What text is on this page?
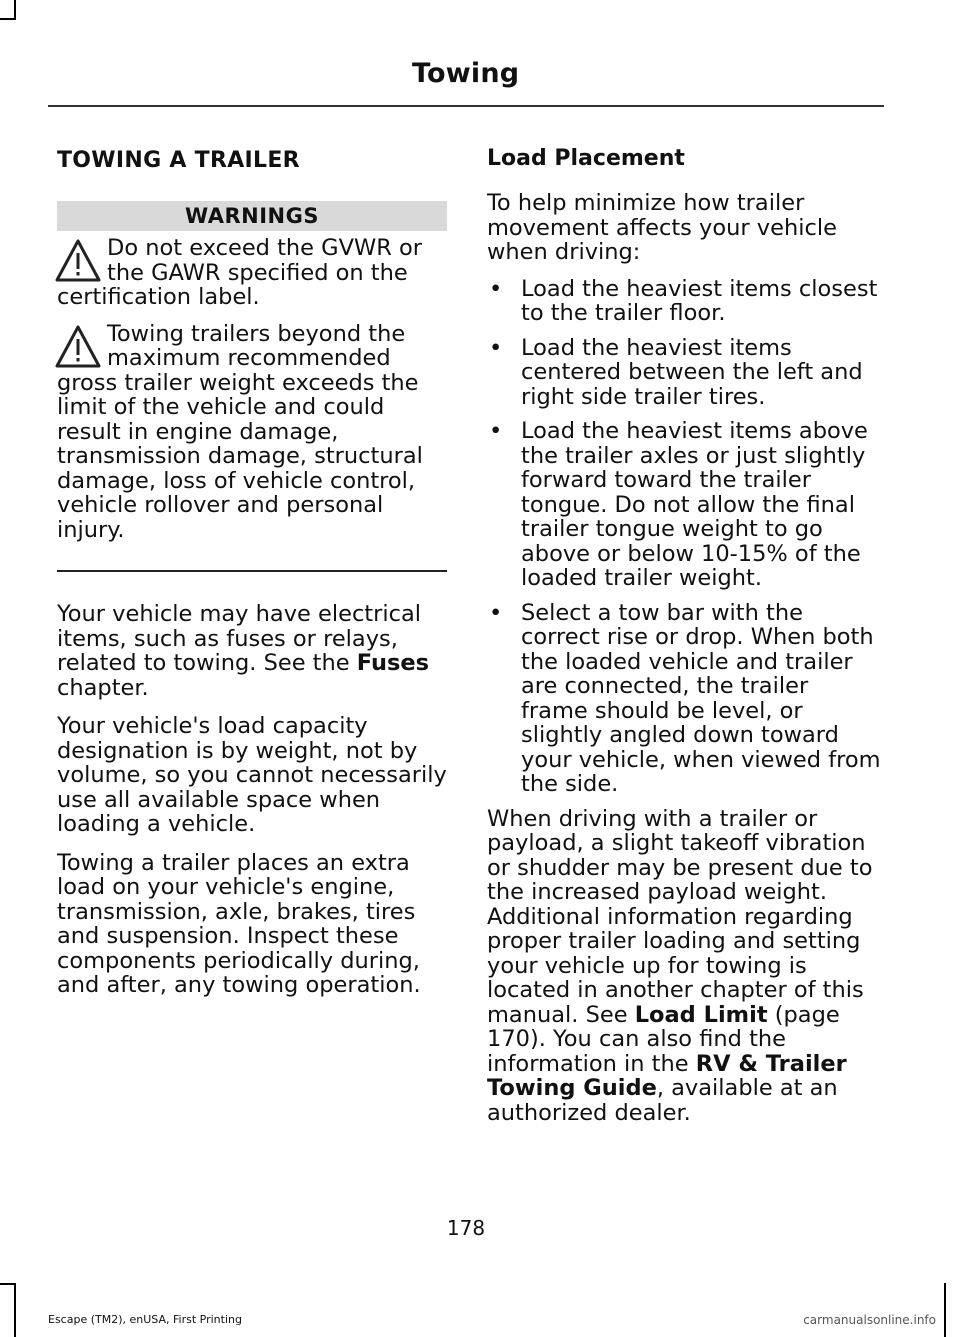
Towing
TOWING A TRAILER
WARNINGS
Do not exceed the GVWR or the GAWR specified on the certification label.
Towing trailers beyond the maximum recommended gross trailer weight exceeds the limit of the vehicle and could result in engine damage, transmission damage, structural damage, loss of vehicle control, vehicle rollover and personal injury.

Your vehicle may have electrical items, such as fuses or relays, related to towing. See the Fuses chapter.

Your vehicle's load capacity designation is by weight, not by volume, so you cannot necessarily use all available space when loading a vehicle.

Towing a trailer places an extra load on your vehicle's engine, transmission, axle, brakes, tires and suspension. Inspect these components periodically during, and after, any towing operation.

Load Placement

To help minimize how trailer movement affects your vehicle when driving:

• Load the heaviest items closest to the trailer floor.
• Load the heaviest items centered between the left and right side trailer tires.
• Load the heaviest items above the trailer axles or just slightly forward toward the trailer tongue. Do not allow the final trailer tongue weight to go above or below 10-15% of the loaded trailer weight.
• Select a tow bar with the correct rise or drop. When both the loaded vehicle and trailer are connected, the trailer frame should be level, or slightly angled down toward your vehicle, when viewed from the side.

When driving with a trailer or payload, a slight takeoff vibration or shudder may be present due to the increased payload weight. Additional information regarding proper trailer loading and setting your vehicle up for towing is located in another chapter of this manual. See Load Limit (page 170). You can also find the information in the RV & Trailer Towing Guide, available at an authorized dealer.

178
Escape (TM2), enUSA, First Printing	carmanualsonline.info
